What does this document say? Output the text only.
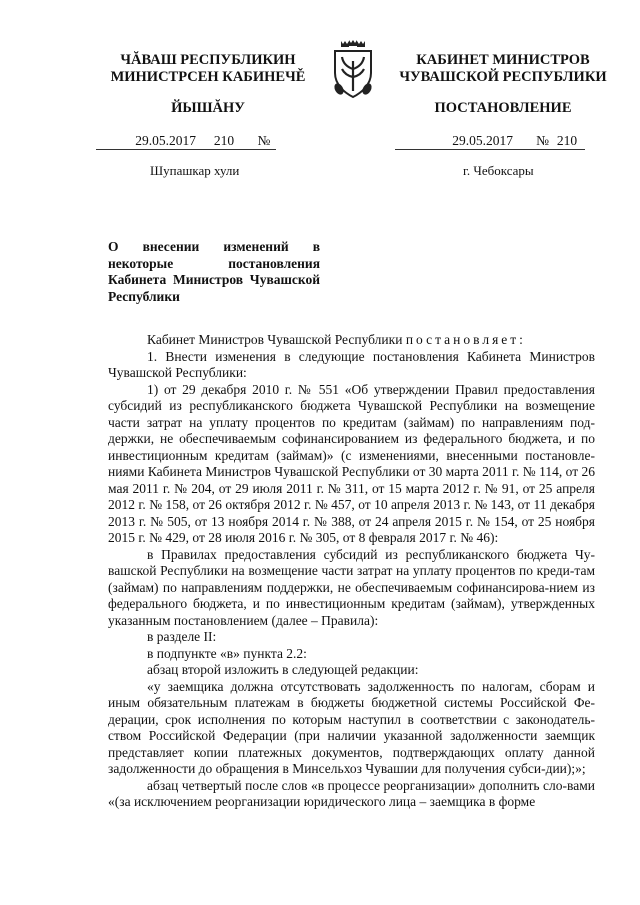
ЧĂВАШ РЕСПУБЛИКИН
МИНИСТРСЕН КАБИНЕЧĚ
ЙЫШĂНУ
КАБИНЕТ МИНИСТРОВ
ЧУВАШСКОЙ РЕСПУБЛИКИ
ПОСТАНОВЛЕНИЕ
29.05.2017 210 №	29.05.2017 № 210
Шупашкар хули	г. Чебоксары
О внесении изменений в некоторые постановления Кабинета Министров Чувашской Республики

Кабинет Министров Чувашской Республики постановляет:

1. Внести изменения в следующие постановления Кабинета Министров Чувашской Республики:

1) от 29 декабря 2010 г. № 551 «Об утверждении Правил предоставления субсидий из республиканского бюджета Чувашской Республики на возмещение части затрат на уплату процентов по кредитам (займам) по направлениям под-держки, не обеспечиваемым софинансированием из федерального бюджета, и по инвестиционным кредитам (займам)» (с изменениями, внесенными постановле-ниями Кабинета Министров Чувашской Республики от 30 марта 2011 г. № 114, от 26 мая 2011 г. № 204, от 29 июля 2011 г. № 311, от 15 марта 2012 г. № 91, от 25 апреля 2012 г. № 158, от 26 октября 2012 г. № 457, от 10 апреля 2013 г. № 143, от 11 декабря 2013 г. № 505, от 13 ноября 2014 г. № 388, от 24 апреля 2015 г. № 154, от 25 ноября 2015 г. № 429, от 28 июля 2016 г. № 305, от 8 февраля 2017 г. № 46):

в Правилах предоставления субсидий из республиканского бюджета Чу-вашской Республики на возмещение части затрат на уплату процентов по креди-там (займам) по направлениям поддержки, не обеспечиваемым софинансирова-нием из федерального бюджета, и по инвестиционным кредитам (займам), утвержденных указанным постановлением (далее – Правила):

в разделе II:

в подпункте «в» пункта 2.2:

абзац второй изложить в следующей редакции:

«у заемщика должна отсутствовать задолженность по налогам, сборам и иным обязательным платежам в бюджеты бюджетной системы Российской Фе-дерации, срок исполнения по которым наступил в соответствии с законодатель-ством Российской Федерации (при наличии указанной задолженности заемщик представляет копии платежных документов, подтверждающих оплату данной задолженности до обращения в Минсельхоз Чувашии для получения субси-дии);»;

абзац четвертый после слов «в процессе реорганизации» дополнить сло-вами «(за исключением реорганизации юридического лица – заемщика в форме
